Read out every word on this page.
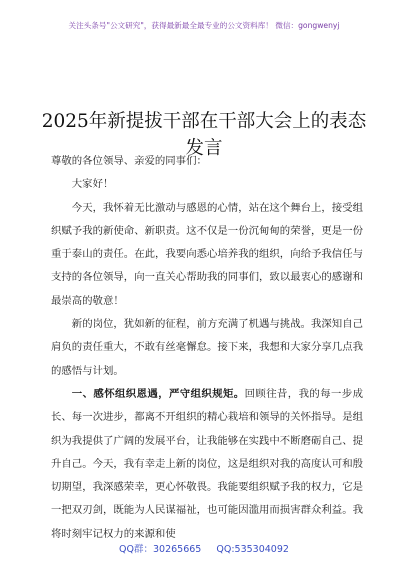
关注头条号"公文研究"，获得最新最全最专业的公文资料库！ 微信：gongwenyj
2025年新提拔干部在干部大会上的表态发言

尊敬的各位领导、亲爱的同事们：

大家好！

今天，我怀着无比激动与感恩的心情，站在这个舞台上，接受组织赋予我的新使命、新职责。这不仅是一份沉甸甸的荣誉，更是一份重于泰山的责任。在此，我要向悉心培养我的组织，向给予我信任与支持的各位领导，向一直关心帮助我的同事们，致以最衷心的感谢和最崇高的敬意！

新的岗位，犹如新的征程，前方充满了机遇与挑战。我深知自己肩负的责任重大，不敢有丝毫懈怠。接下来，我想和大家分享几点我的感悟与计划。

一、感怀组织恩遇，严守组织规矩。回顾往昔，我的每一步成长、每一次进步，都离不开组织的精心栽培和领导的关怀指导。是组织为我提供了广阔的发展平台，让我能够在实践中不断磨砺自己、提升自己。今天，我有幸走上新的岗位，这是组织对我的高度认可和殷切期望，我深感荣幸，更心怀敬畏。我能要组织赋予我的权力，它是一把双刃剑，既能为人民谋福祉，也可能因滥用而损害群众利益。我将时刻牢记权力的来源和使

QQ群：30265665 QQ:535304092
